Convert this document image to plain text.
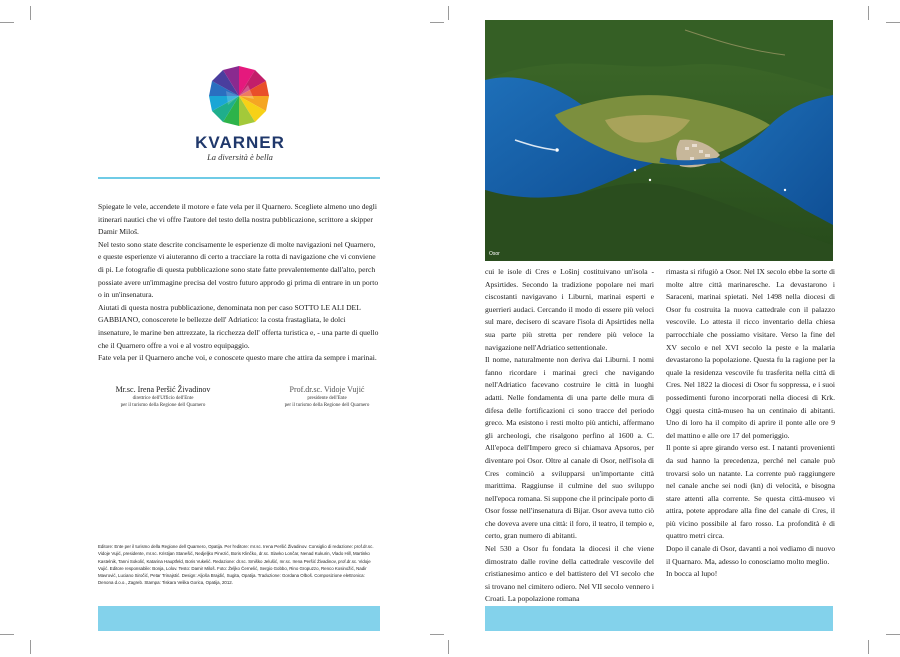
KVARNER
La diversità è bella

Spiegate le vele, accendete il motore e fate vela per il Quarnero. Scegliete almeno uno degli itinerari nautici che vi offre l'autore del testo della nostra pubblicazione, scrittore a skipper Damir Miloš.

Nel testo sono state descrite concisamente le esperienze di molte navigazioni nel Quarnero, e queste esperienze vi aiuteranno di certo a tracciare la rotta di navigazione che vi conviene di pi. Le fotografie di questa pubblicazione sono state fatte prevalentemente dall'alto, perch possiate avere un'immagine precisa del vostro futuro approdo gi prima di entrare in un porto o in un'insenatura.

Aiutati di questa nostra pubblicazione, denominata non per caso SOTTO LE ALI DEL GABBIANO, conoscerete le bellezze dell' Adriatico: la costa frastagliata, le dolci insenature, le marine ben attrezzate, la ricchezza dell' offerta turistica e, - una parte di quello che il Quarnero offre a voi e al vostro equipaggio.

Fate vela per il Quarnero anche voi, e conoscete questo mare che attira da sempre i marinai.

Mr.sc. Irena Peršić Živadinov
direttrice dell'Ufficio dell'Ente
per il turismo della Regione dell Quarnero
Prof.dr.sc. Vidoje Vujić
presidente dell'Ente
per il turismo della Regione dell Quarnero

Editore: Ente per il turismo della Regione dell Quarnero, Opatija. Per l'editore: mr.sc. Irena Peršić Živadinov. Consiglio di redazione: prof.dr.sc. Vidoje Vujić, presidente, mr.sc. Kristijan Stanešić, Nedjeljko Pinezić, Boris Klinčko, dr.sc. Slavko Lončar, Nenad Kukurin, Vlado Hill, Martinko Kastelnik, Tanni Sokolić, Katarina Hauptfeld, Boris Vukelić. Redazione: dr.sc. Smiško Jelušić, mr.sc. Irena Peršić Živadinov, prof.dr.sc. Vidoje Vujić. Editore responsabile: Bonja, Lolov. Testo: Damir Miloš. Foto: Željko Černelić, Sergio Gobbo, Rino Gropuzzo, Renco Kosinožić, Nadir Mavrović, Luciano Siročić, Petar Trinajstić. Design: Aljoša Brajdić, Sugita, Opatija. Traduzione: Gordana Olboš. Composizione elettronica: Denona d.o.o., Zagreb. Stampa: Tiskara Velika Gorica, Opatija, 2012.

Osor

cui le isole di Cres e Lošinj costituivano un'isola - Apsirtides. Secondo la tradizione popolare nei mari ciscostanti navigavano i Liburni, marinai esperti e guerrieri audaci. Cercando il modo di essere più veloci sul mare, decisero di scavare l'isola di Apsirtides nella sua parte più stretta per rendere più veloce la navigazione nell'Adriatico settentionale.

Il nome, naturalmente non deriva dai Liburni. I nomi fanno ricordare i marinai greci che navigando nell'Adriatico facevano costruire le città in luoghi adatti. Nelle fondamenta di una parte delle mura di difesa delle fortificazioni ci sono tracce del periodo greco. Ma esistono i resti molto più antichi, affermano gli archeologi, che risalgono perfino al 1600 a. C. All'epoca dell'Impero greco si chiamava Apsoros, per diventare poi Osor. Oltre al canale di Osor, nell'isola di Cres cominciò a svilupparsi un'importante città marittima. Raggiunse il culmine del suo sviluppo nell'epoca romana. Si suppone che il principale porto di Osor fosse nell'insenatura di Bijar. Osor aveva tutto ciò che doveva avere una città: il foro, il teatro, il tempio e, certo, gran numero di abitanti.

Nel 530 a Osor fu fondata la diocesi il che viene dimostrato dalle rovine della cattedrale vescovile del cristianesimo antico e del battistero del VI secolo che si trovano nel cimitero odiero. Nel VII secolo vennero i Croati. La popolazione romana

rimasta si rifugiò a Osor. Nel IX secolo ebbe la sorte di molte altre città marinaresche. La devastarono i Saraceni, marinai spietati. Nel 1498 nella diocesi di Osor fu costruita la nuova cattedrale con il palazzo vescovile. Lo attesta il ricco inventario della chiesa parrocchiale che possiamo visitare. Verso la fine del XV secolo e nel XVI secolo la peste e la malaria devastarono la popolazione. Questa fu la ragione per la quale la residenza vescovile fu trasferita nella città di Cres. Nel 1822 la diocesi di Osor fu soppressa, e i suoi possedimenti furono incorporati nella diocesi di Krk. Oggi questa città-museo ha un centinaio di abitanti. Uno di loro ha il compito di aprire il ponte alle ore 9 del mattino e alle ore 17 del pomeriggio.

Il ponte si apre girando verso est. I natanti provenienti da sud hanno la precedenza, perché nel canale può trovarsi solo un natante. La corrente può raggiungere nel canale anche sei nodi (kn) di velocità, e bisogna stare attenti alla corrente. Se questa città-museo vi attira, potete approdare alla fine del canale di Cres, il più vicino possibile al faro rosso. La profondità è di quattro metri circa.

Dopo il canale di Osor, davanti a noi vediamo di nuovo il Quarnaro. Ma, adesso lo conosciamo molto meglio.

In bocca al lupo!
